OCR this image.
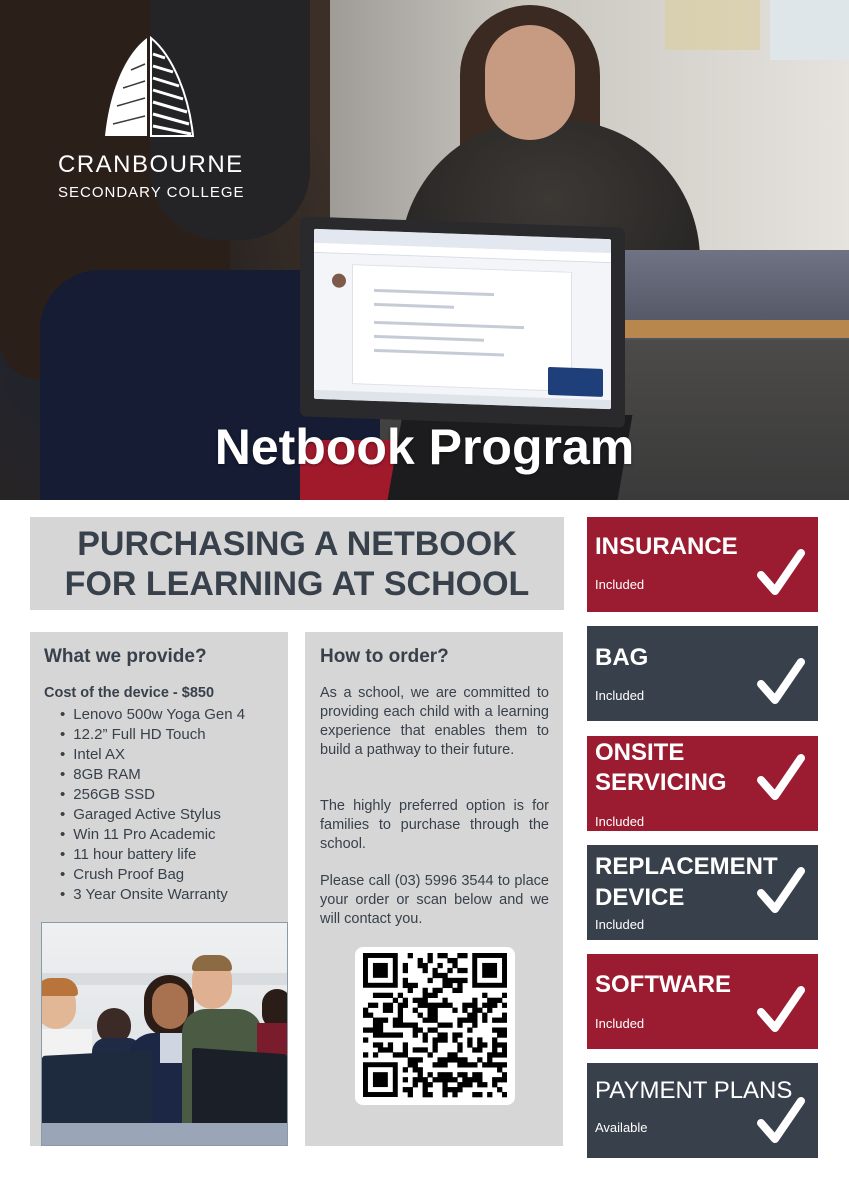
CRANBOURNE
SECONDARY COLLEGE
Netbook Program
PURCHASING A NETBOOK
FOR LEARNING AT SCHOOL
What we provide?
Cost of the device - $850
• Lenovo 500w Yoga Gen 4
• 12.2” Full HD Touch
• Intel AX
• 8GB RAM
• 256GB SSD
• Garaged Active Stylus
• Win 11 Pro Academic
• 11 hour battery life
• Crush Proof Bag
• 3 Year Onsite Warranty
How to order?

As a school, we are committed to providing each child with a learning experience that enables them to build a pathway to their future.

The highly preferred option is for families to purchase through the school.

Please call (03) 5996 3544 to place your order or scan below and we will contact you.

INSURANCE
Included
BAG
Included
ONSITE
SERVICING
Included
REPLACEMENT
DEVICE
Included
SOFTWARE
Included
PAYMENT PLANS
Available
